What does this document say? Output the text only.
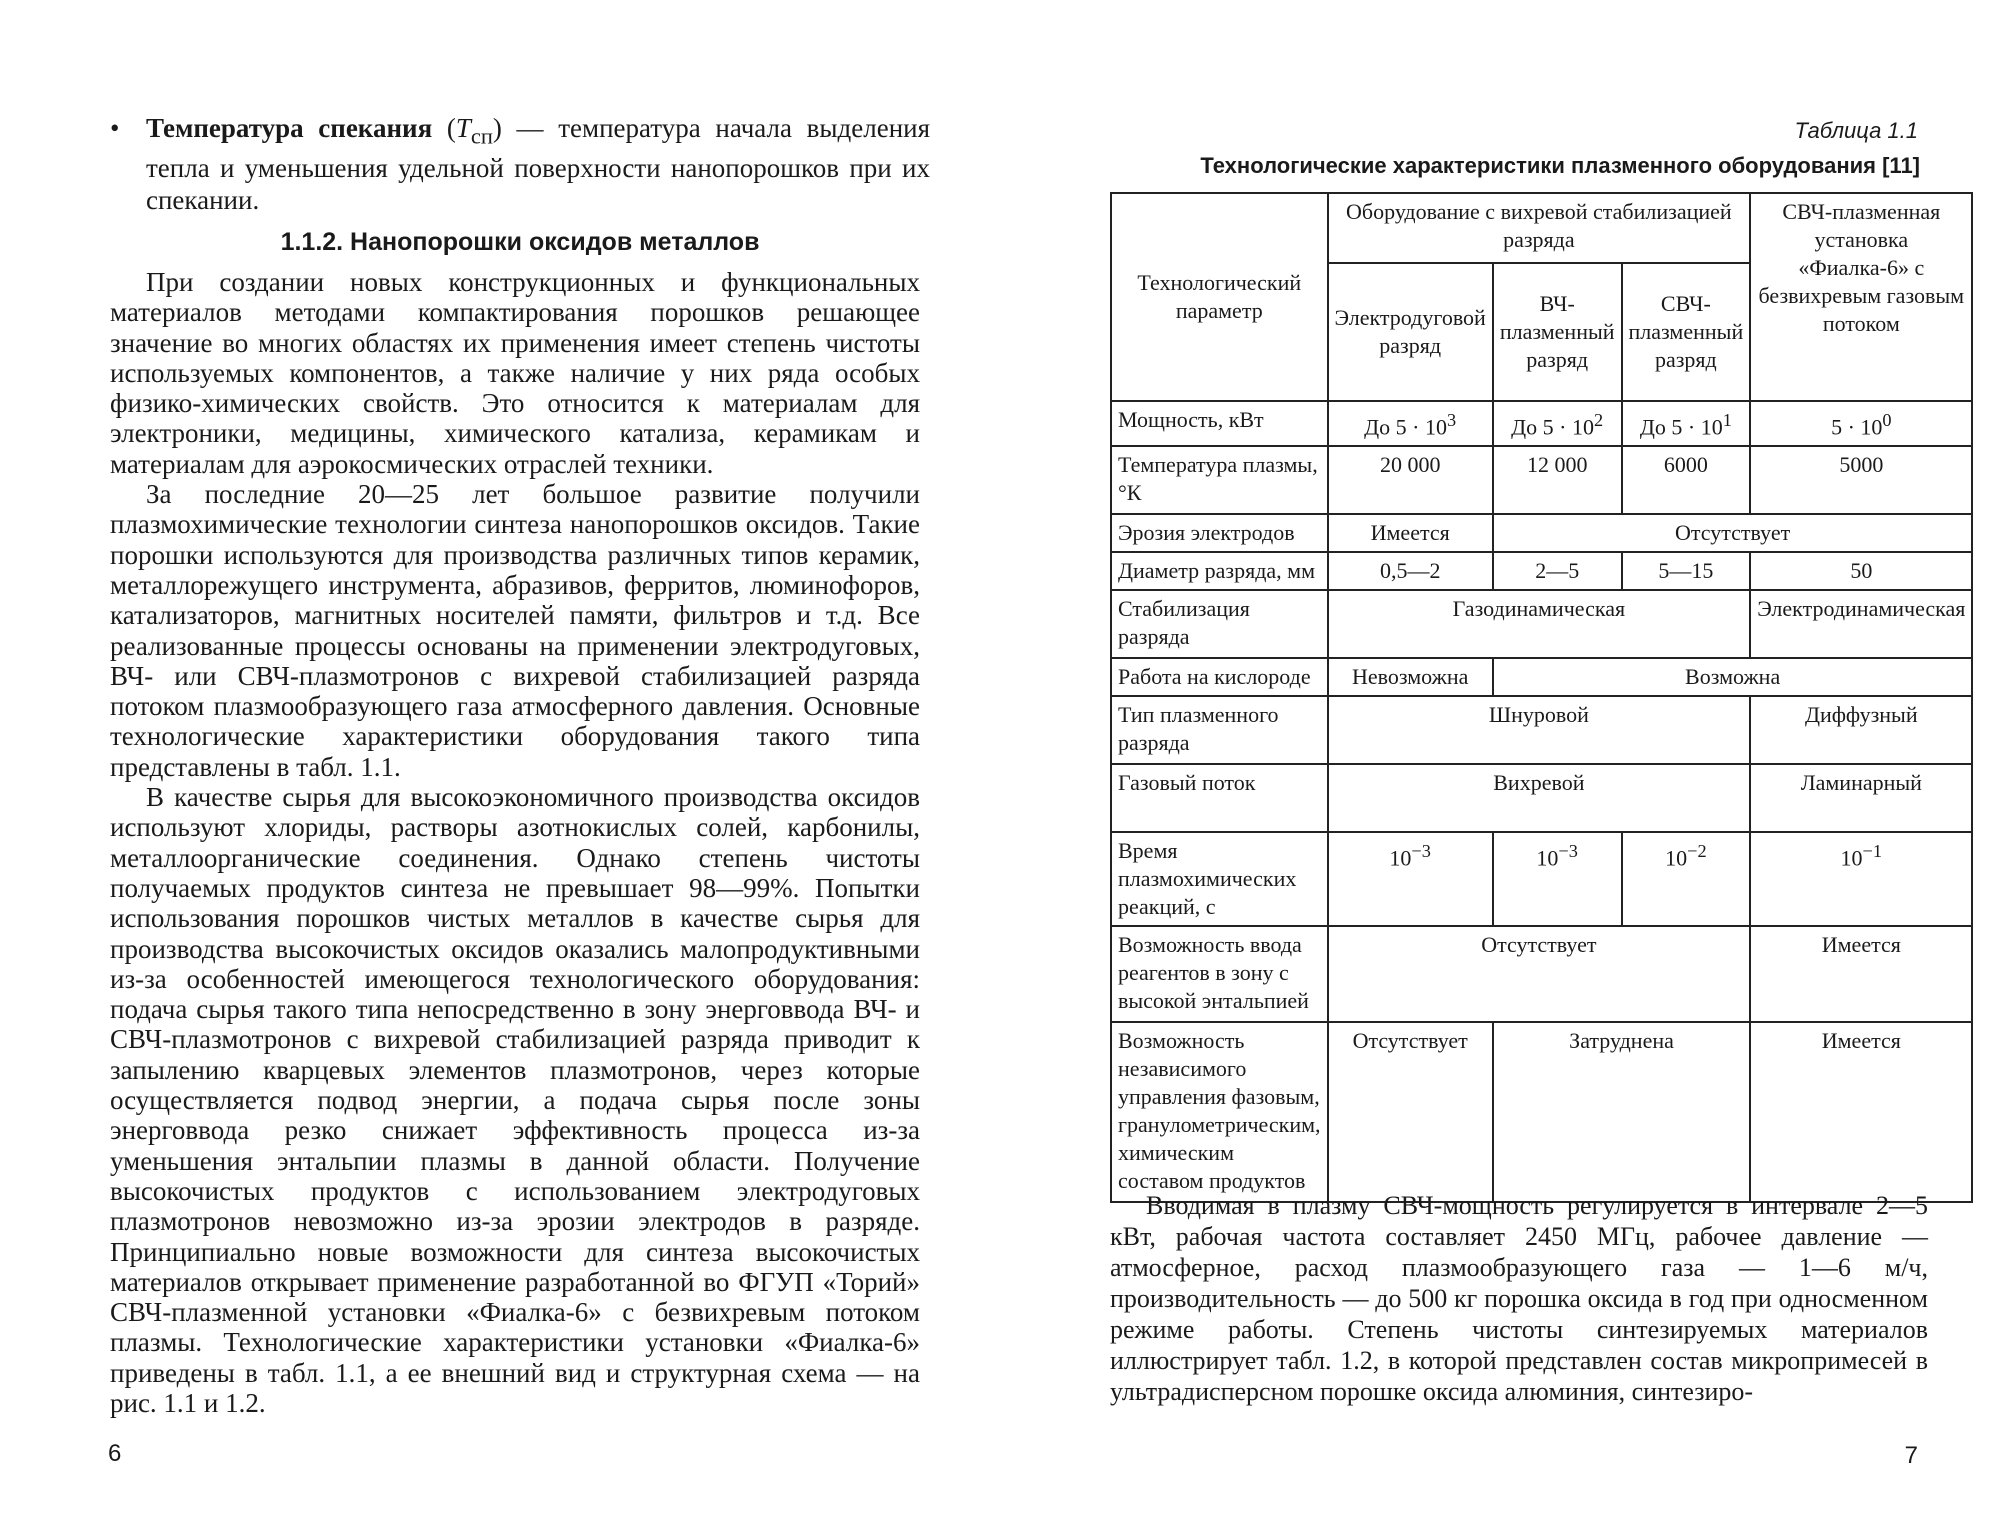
• Температура спекания $(T_{сп})$ — температура начала выделения тепла и уменьшения удельной поверхности нанопорошков при их спекании.
1.1.2. Нанопорошки оксидов металлов

При создании новых конструкционных и функциональных материалов методами компактирования порошков решающее значение во многих областях их применения имеет степень чистоты используемых компонентов, а также наличие у них ряда особых физико-химических свойств. Это относится к материалам для электроники, медицины, химического катализа, керамикам и материалам для аэрокосмических отраслей техники.

За последние 20—25 лет большое развитие получили плазмохимические технологии синтеза нанопорошков оксидов. Такие порошки используются для производства различных типов керамик, металлорежущего инструмента, абразивов, ферритов, люминофоров, катализаторов, магнитных носителей памяти, фильтров и т.д. Все реализованные процессы основаны на применении электродуговых, ВЧ- или СВЧ-плазмотронов с вихревой стабилизацией разряда потоком плазмообразующего газа атмосферного давления. Основные технологические характеристики оборудования такого типа представлены в табл. 1.1.

В качестве сырья для высокоэкономичного производства оксидов используют хлориды, растворы азотнокислых солей, карбонилы, металлоорганические соединения. Однако степень чистоты получаемых продуктов синтеза не превышает 98—99%. Попытки использования порошков чистых металлов в качестве сырья для производства высокочистых оксидов оказались малопродуктивными из-за особенностей имеющегося технологического оборудования: подача сырья такого типа непосредственно в зону энерговвода ВЧ- и СВЧ-плазмотронов с вихревой стабилизацией разряда приводит к запылению кварцевых элементов плазмотронов, через которые осуществляется подвод энергии, а подача сырья после зоны энерговвода резко снижает эффективность процесса из-за уменьшения энтальпии плазмы в данной области. Получение высокочистых продуктов с использованием электродуговых плазмотронов невозможно из-за эрозии электродов в разряде. Принципиально новые возможности для синтеза высокочистых материалов открывает применение разработанной во ФГУП «Торий» СВЧ-плазменной установки «Фиалка-6» с безвихревым потоком плазмы. Технологические характеристики установки «Фиалка-6» приведены в табл. 1.1, а ее внешний вид и структурная схема — на рис. 1.1 и 1.2.

6
Таблица 1.1
Технологические характеристики плазменного оборудования [11]
Технологический параметр	Оборудование с вихревой стабилизацией разряда			СВЧ-плазменная установка «Фиалка-6» с безвихревым газовым потоком
	Электродуговой разряд	ВЧ-плазменный разряд	СВЧ-плазменный разряд	
Мощность, кВт	До $5 \cdot 10^3$	До $5 \cdot 10^2$	До $5 \cdot 10^1$	$5 \cdot 10^0$
Температура плазмы, °К	20 000	12 000	6000	5000
Эрозия электродов	Имеется	Отсутствует		
Диаметр разряда, мм	0,5—2	2—5	5—15	50
Стабилизация разряда	Газодинамическая			Электродинамическая
Работа на кислороде	Невозможна	Возможна		
Тип плазменного разряда	Шнуровой			Диффузный
Газовый поток	Вихревой			Ламинарный
Время плазмохимических реакций, с	$10^{-3}$	$10^{-3}$	$10^{-2}$	$10^{-1}$
Возможность ввода реагентов в зону с высокой энтальпией	Отсутствует			Имеется
Возможность независимого управления фазовым, гранулометрическим, химическим составом продуктов	Отсутствует	Затруднена		Имеется

Вводимая в плазму СВЧ-мощность регулируется в интервале 2—5 кВт, рабочая частота составляет 2450 МГц, рабочее давление — атмосферное, расход плазмообразующего газа — 1—6 м/ч, производительность — до 500 кг порошка оксида в год при односменном режиме работы. Степень чистоты синтезируемых материалов иллюстрирует табл. 1.2, в которой представлен состав микропримесей в ультрадисперсном порошке оксида алюминия, синтезиро-

7
